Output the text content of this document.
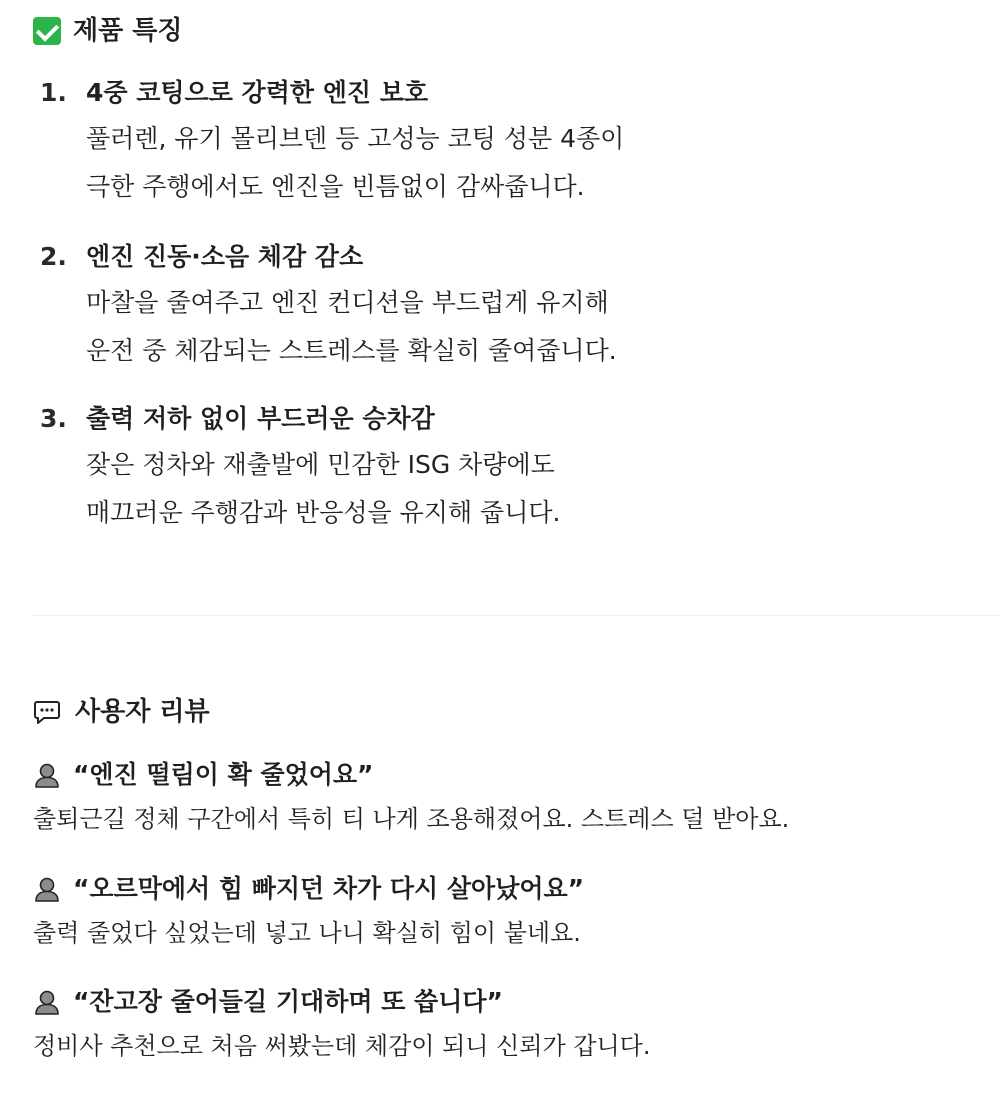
제품 특징
1. 4중 코팅으로 강력한 엔진 보호
풀러렌, 유기 몰리브덴 등 고성능 코팅 성분 4종이
극한 주행에서도 엔진을 빈틈없이 감싸줍니다.
2. 엔진 진동·소음 체감 감소
마찰을 줄여주고 엔진 컨디션을 부드럽게 유지해
운전 중 체감되는 스트레스를 확실히 줄여줍니다.
3. 출력 저하 없이 부드러운 승차감
잦은 정차와 재출발에 민감한 ISG 차량에도
매끄러운 주행감과 반응성을 유지해 줍니다.
사용자 리뷰
“엔진 떨림이 확 줄었어요”
출퇴근길 정체 구간에서 특히 티 나게 조용해졌어요. 스트레스 덜 받아요.
“오르막에서 힘 빠지던 차가 다시 살아났어요”
출력 줄었다 싶었는데 넣고 나니 확실히 힘이 붙네요.
“잔고장 줄어들길 기대하며 또 씁니다”
정비사 추천으로 처음 써봤는데 체감이 되니 신뢰가 갑니다.
